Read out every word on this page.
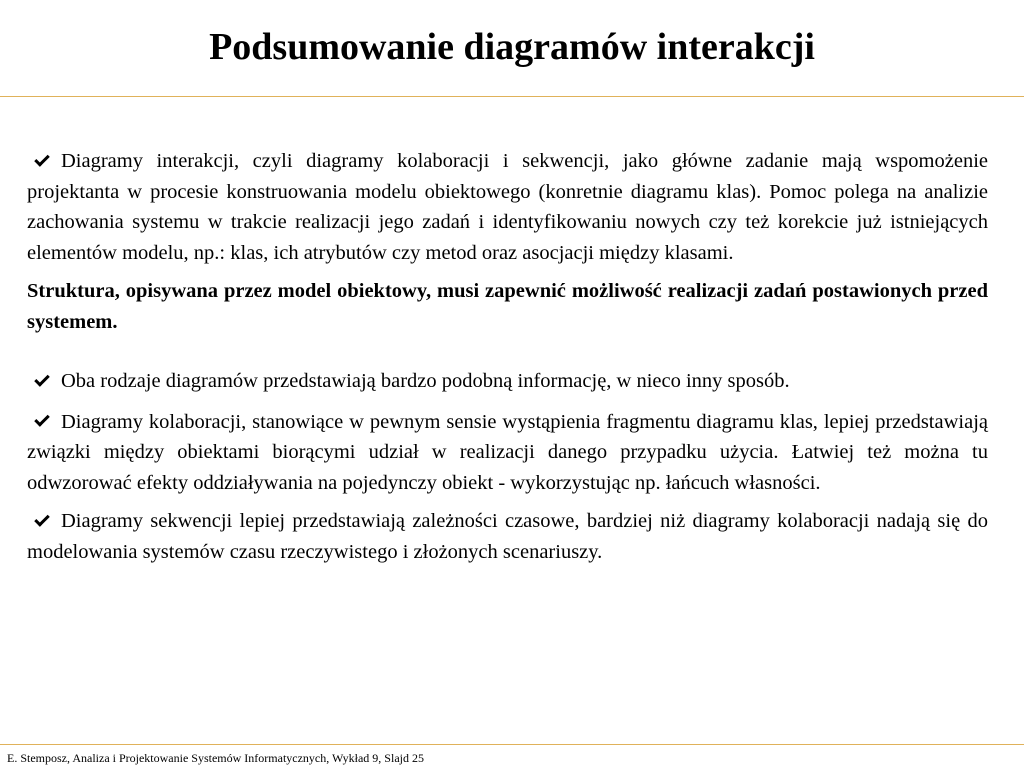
Podsumowanie diagramów interakcji

Diagramy interakcji, czyli diagramy kolaboracji i sekwencji, jako główne zadanie mają wspomożenie projektanta w procesie konstruowania modelu obiektowego (konretnie diagramu klas). Pomoc polega na analizie zachowania systemu w trakcie realizacji jego zadań i identyfikowaniu nowych czy też korekcie już istniejących elementów modelu, np.: klas, ich atrybutów czy metod oraz asocjacji między klasami.

Struktura, opisywana przez model obiektowy, musi zapewnić możliwość realizacji zadań postawionych przed systemem.

Oba rodzaje diagramów przedstawiają bardzo podobną informację, w nieco inny sposób.

Diagramy kolaboracji, stanowiące w pewnym sensie wystąpienia fragmentu diagramu klas, lepiej przedstawiają związki między obiektami biorącymi udział w realizacji danego przypadku użycia. Łatwiej też można tu odwzorować efekty oddziaływania na pojedynczy obiekt - wykorzystując np. łańcuch własności.

Diagramy sekwencji lepiej przedstawiają zależności czasowe, bardziej niż diagramy kolaboracji nadają się do modelowania systemów czasu rzeczywistego i złożonych scenariuszy.

E. Stemposz, Analiza i Projektowanie Systemów Informatycznych, Wykład 9, Slajd 25
